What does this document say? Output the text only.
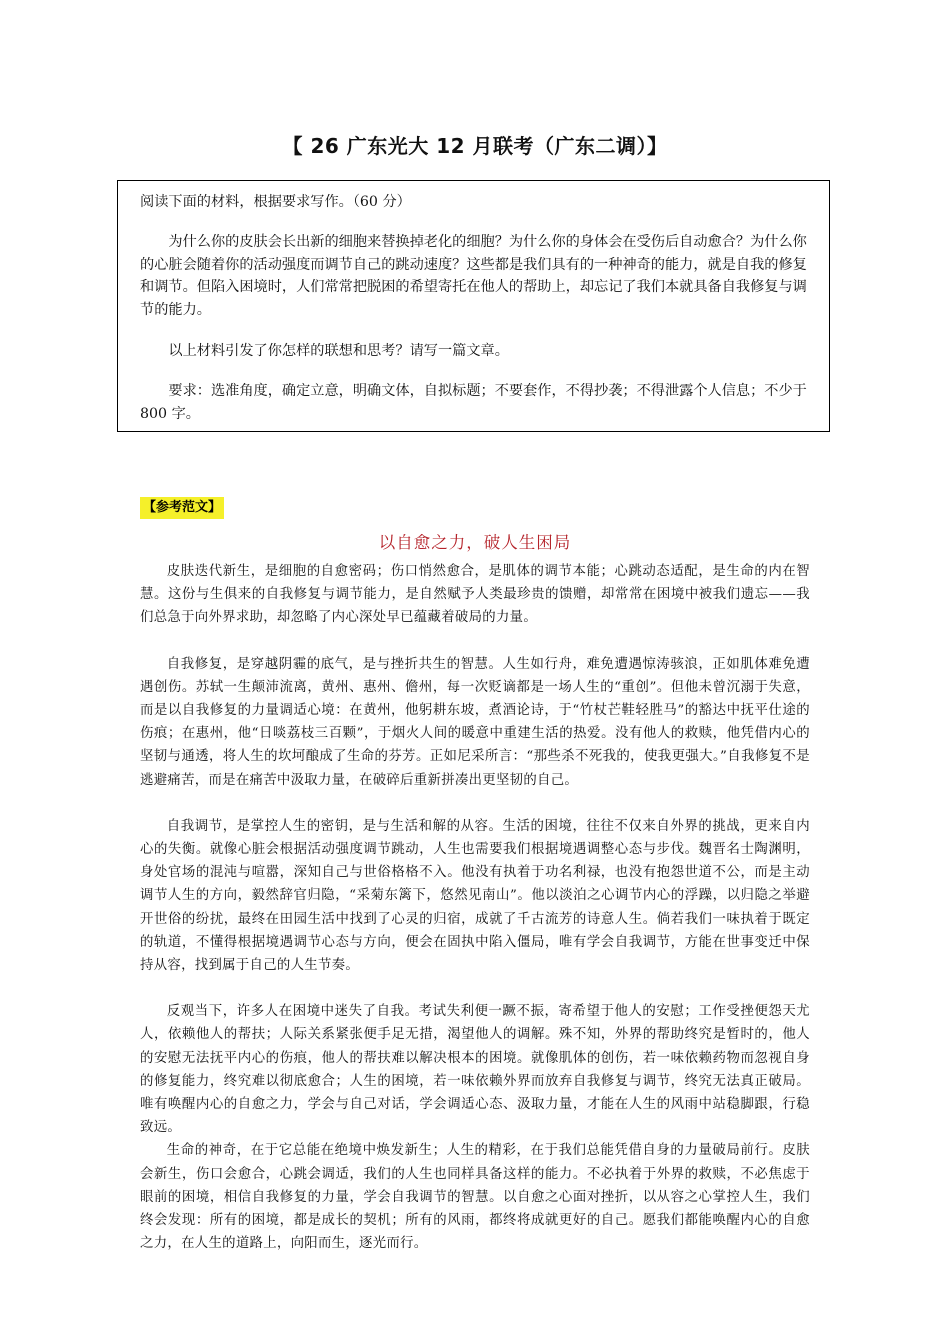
【 26 广东光大 12 月联考（广东二调）】

阅读下面的材料，根据要求写作。（60 分）

为什么你的皮肤会长出新的细胞来替换掉老化的细胞？为什么你的身体会在受伤后自动愈合？为什么你的心脏会随着你的活动强度而调节自己的跳动速度？这些都是我们具有的一种神奇的能力，就是自我的修复和调节。但陷入困境时，人们常常把脱困的希望寄托在他人的帮助上，却忘记了我们本就具备自我修复与调节的能力。

以上材料引发了你怎样的联想和思考？请写一篇文章。

要求：选准角度，确定立意，明确文体，自拟标题；不要套作，不得抄袭；不得泄露个人信息；不少于 800 字。

【参考范文】
以自愈之力，破人生困局

皮肤迭代新生，是细胞的自愈密码；伤口悄然愈合，是肌体的调节本能；心跳动态适配，是生命的内在智慧。这份与生俱来的自我修复与调节能力，是自然赋予人类最珍贵的馈赠，却常常在困境中被我们遗忘——我们总急于向外界求助，却忽略了内心深处早已蕴藏着破局的力量。

自我修复，是穿越阴霾的底气，是与挫折共生的智慧。人生如行舟，难免遭遇惊涛骇浪，正如肌体难免遭遇创伤。苏轼一生颠沛流离，黄州、惠州、儋州，每一次贬谪都是一场人生的“重创”。但他未曾沉溺于失意，而是以自我修复的力量调适心境：在黄州，他躬耕东坡，煮酒论诗，于“竹杖芒鞋轻胜马”的豁达中抚平仕途的伤痕；在惠州，他“日啖荔枝三百颗”，于烟火人间的暖意中重建生活的热爱。没有他人的救赎，他凭借内心的坚韧与通透，将人生的坎坷酿成了生命的芬芳。正如尼采所言：“那些杀不死我的，使我更强大。”自我修复不是逃避痛苦，而是在痛苦中汲取力量，在破碎后重新拼凑出更坚韧的自己。

自我调节，是掌控人生的密钥，是与生活和解的从容。生活的困境，往往不仅来自外界的挑战，更来自内心的失衡。就像心脏会根据活动强度调节跳动，人生也需要我们根据境遇调整心态与步伐。魏晋名士陶渊明，身处官场的混沌与喧嚣，深知自己与世俗格格不入。他没有执着于功名利禄，也没有抱怨世道不公，而是主动调节人生的方向，毅然辞官归隐，“采菊东篱下，悠然见南山”。他以淡泊之心调节内心的浮躁，以归隐之举避开世俗的纷扰，最终在田园生活中找到了心灵的归宿，成就了千古流芳的诗意人生。倘若我们一味执着于既定的轨道，不懂得根据境遇调节心态与方向，便会在固执中陷入僵局，唯有学会自我调节，方能在世事变迁中保持从容，找到属于自己的人生节奏。

反观当下，许多人在困境中迷失了自我。考试失利便一蹶不振，寄希望于他人的安慰；工作受挫便怨天尤人，依赖他人的帮扶；人际关系紧张便手足无措，渴望他人的调解。殊不知，外界的帮助终究是暂时的，他人的安慰无法抚平内心的伤痕，他人的帮扶难以解决根本的困境。就像肌体的创伤，若一味依赖药物而忽视自身的修复能力，终究难以彻底愈合；人生的困境，若一味依赖外界而放弃自我修复与调节，终究无法真正破局。唯有唤醒内心的自愈之力，学会与自己对话，学会调适心态、汲取力量，才能在人生的风雨中站稳脚跟，行稳致远。

生命的神奇，在于它总能在绝境中焕发新生；人生的精彩，在于我们总能凭借自身的力量破局前行。皮肤会新生，伤口会愈合，心跳会调适，我们的人生也同样具备这样的能力。不必执着于外界的救赎，不必焦虑于眼前的困境，相信自我修复的力量，学会自我调节的智慧。以自愈之心面对挫折，以从容之心掌控人生，我们终会发现：所有的困境，都是成长的契机；所有的风雨，都终将成就更好的自己。愿我们都能唤醒内心的自愈之力，在人生的道路上，向阳而生，逐光而行。
